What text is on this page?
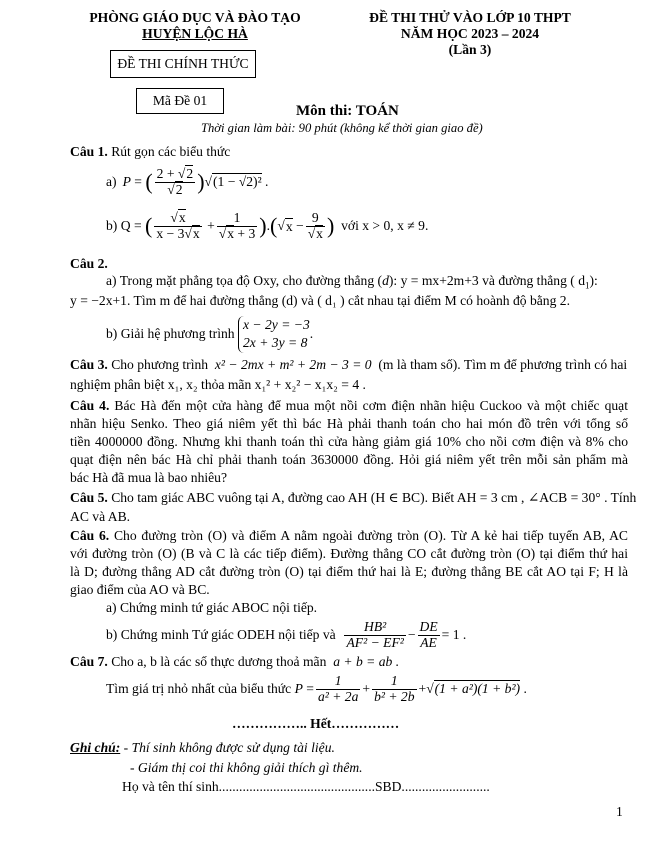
PHÒNG GIÁO DỤC VÀ ĐÀO TẠO
HUYỆN LỘC HÀ
ĐỀ THI CHÍNH THỨC
ĐỀ THI THỬ VÀO LỚP 10 THPT
NĂM HỌC 2023 – 2024
(Lần 3)
Mã Đề 01
Môn thi: TOÁN
Thời gian làm bài: 90 phút (không kể thời gian giao đề)
Câu 1. Rút gọn các biểu thức
a) P = ( $\frac{2 + √2}{√2}$ ) √(1 − √2)² .
b) Q = ( $\frac{√x}{x - 3√x} + \frac{1}{√x + 3}$ ) . ( √ $x - \frac{9}{√x}$ )
với x > 0, x ≠ 9.
Câu 2.
a) Trong mặt phẳng tọa độ Oxy, cho đường thẳng (d): y = mx+2m+3 và đường thẳng ( $d_1$):
y = −2x+1. Tìm m để hai đường thẳng (d) và ( d₁ ) cắt nhau tại điểm M có hoành độ bằng 2.
b) Giải hệ phương trình

x − 2y = −3
2x + 3y = 8
.
Câu 3. Cho phương trình x² − 2mx + m² + 2m − 3 = 0 (m là tham số). Tìm m để phương trình có hai
nghiệm phân biệt x₁, x₂ thỏa mãn x₁² + x₂² − x₁x₂ = 4 .
Câu 4. Bác Hà đến một cửa hàng để mua một nồi cơm điện nhãn hiệu Cuckoo và một chiếc quạt
nhãn hiệu Senko. Theo giá niêm yết thì bác Hà phải thanh toán cho hai món đồ trên với tổng số
tiền 4000000 đồng. Nhưng khi thanh toán thì cửa hàng giảm giá 10% cho nồi cơm điện và 8% cho
quạt điện nên bác Hà chỉ phải thanh toán 3630000 đồng. Hỏi giá niêm yết trên mỗi sản phẩm mà
bác Hà đã mua là bao nhiêu?
Câu 5. Cho tam giác ABC vuông tại A, đường cao AH (H ∈ BC). Biết AH = 3 cm , ∠ACB = 30° . Tính
AC và AB.
Câu 6. Cho đường tròn (O) và điểm A nằm ngoài đường tròn (O). Từ A kẻ hai tiếp tuyến AB, AC
với đường tròn (O) (B và C là các tiếp điểm). Đường thẳng CO cắt đường tròn (O) tại điểm thứ hai
là D; đường thẳng AD cắt đường tròn (O) tại điểm thứ hai là E; đường thẳng BE cắt AO tại F; H là
giao điểm của AO và BC.
a) Chứng minh tứ giác ABOC nội tiếp.
b) Chứng minh Tứ giác ODEH nội tiếp và
$\frac{\text{HB²}}{\text{AF² − EF²}} - \frac{DE}{AE} = 1$ .
Câu 7. Cho a, b là các số thực dương thoả mãn a + b = ab .
Tìm giá trị nhỏ nhất của biểu thức
$P = \frac{1}{\text{a² + 2a}} + \frac{1}{\text{b² + 2b}} + √(1 + a^2)(1 + b^2)$ .
…………….. Hết……………
Ghi chú: - Thí sinh không được sử dụng tài liệu.
- Giám thị coi thi không giải thích gì thêm.
Họ và tên thí sinh..............................................SBD..........................
1
